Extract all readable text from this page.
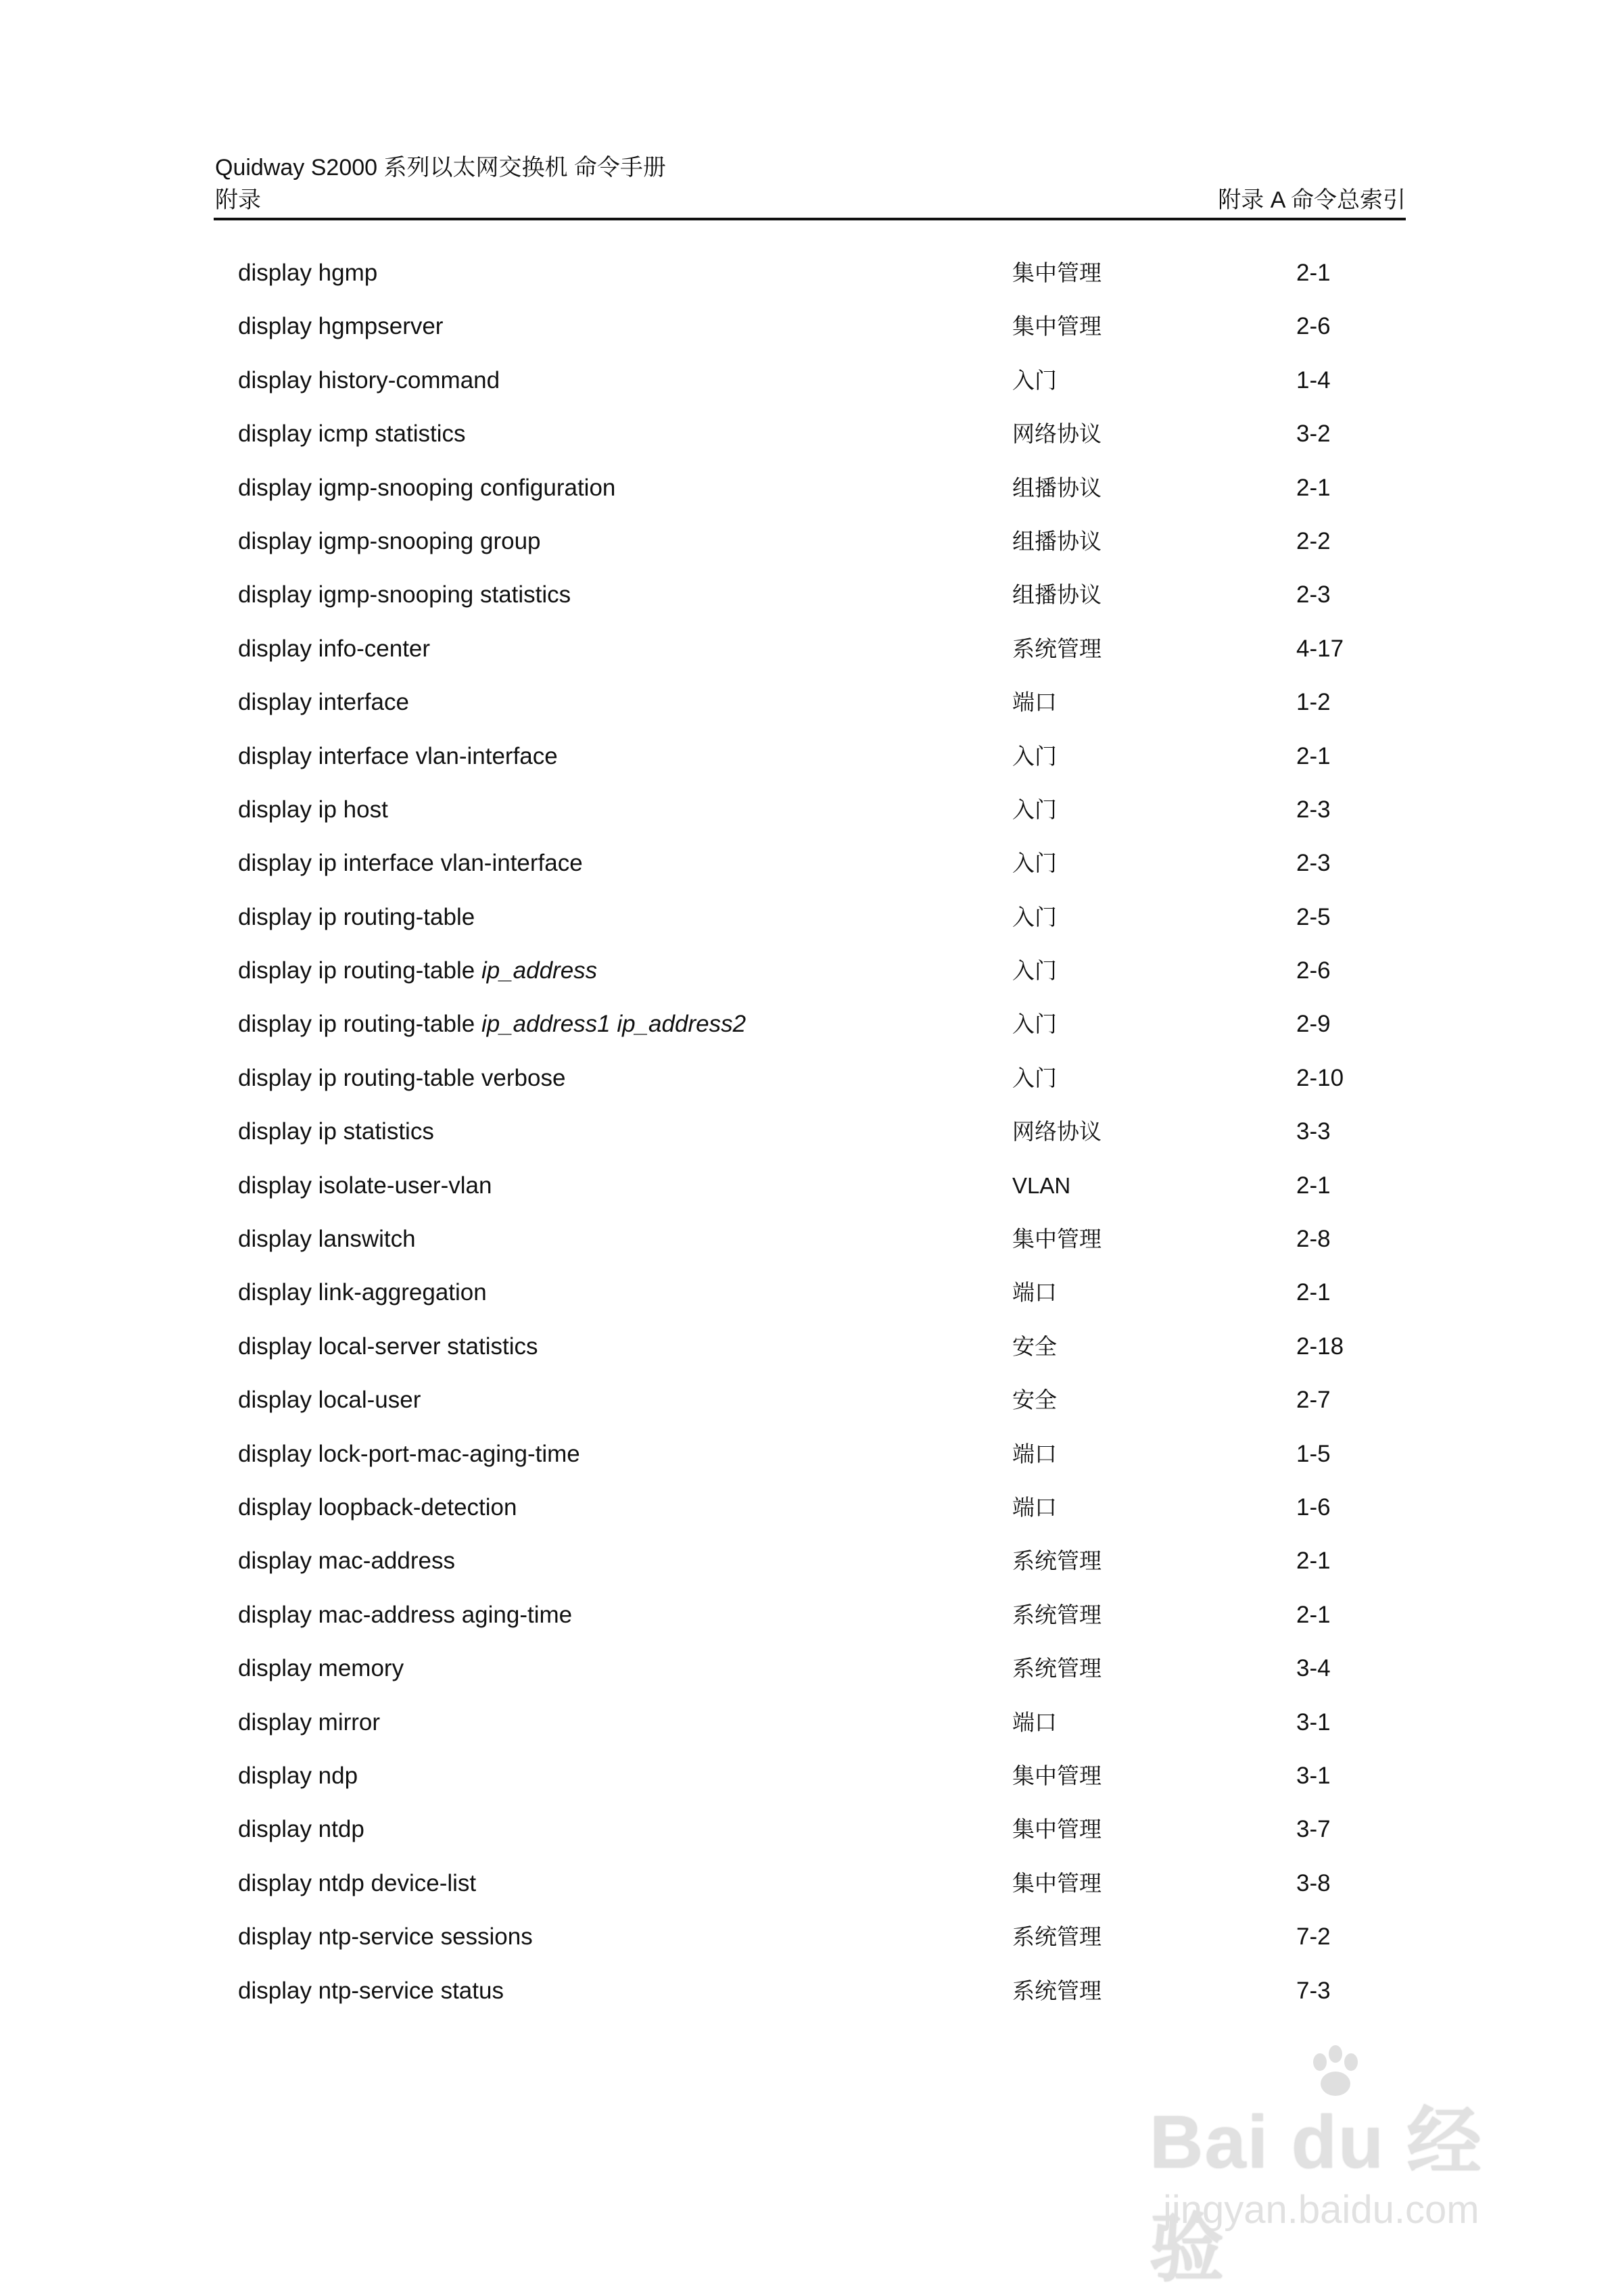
Quidway S2000 系列以太网交换机 命令手册
附录	附录 A 命令总索引
display hgmp	集中管理	2-1
display hgmpserver	集中管理	2-6
display history-command	入门	1-4
display icmp statistics	网络协议	3-2
display igmp-snooping configuration	组播协议	2-1
display igmp-snooping group	组播协议	2-2
display igmp-snooping statistics	组播协议	2-3
display info-center	系统管理	4-17
display interface	端口	1-2
display interface vlan-interface	入门	2-1
display ip host	入门	2-3
display ip interface vlan-interface	入门	2-3
display ip routing-table	入门	2-5
display ip routing-table ip_address	入门	2-6
display ip routing-table ip_address1 ip_address2	入门	2-9
display ip routing-table verbose	入门	2-10
display ip statistics	网络协议	3-3
display isolate-user-vlan	VLAN	2-1
display lanswitch	集中管理	2-8
display link-aggregation	端口	2-1
display local-server statistics	安全	2-18
display local-user	安全	2-7
display lock-port-mac-aging-time	端口	1-5
display loopback-detection	端口	1-6
display mac-address	系统管理	2-1
display mac-address aging-time	系统管理	2-1
display memory	系统管理	3-4
display mirror	端口	3-1
display ndp	集中管理	3-1
display ntdp	集中管理	3-7
display ntdp device-list	集中管理	3-8
display ntp-service sessions	系统管理	7-2
display ntp-service status	系统管理	7-3
Bai du 经验
jingyan.baidu.com
